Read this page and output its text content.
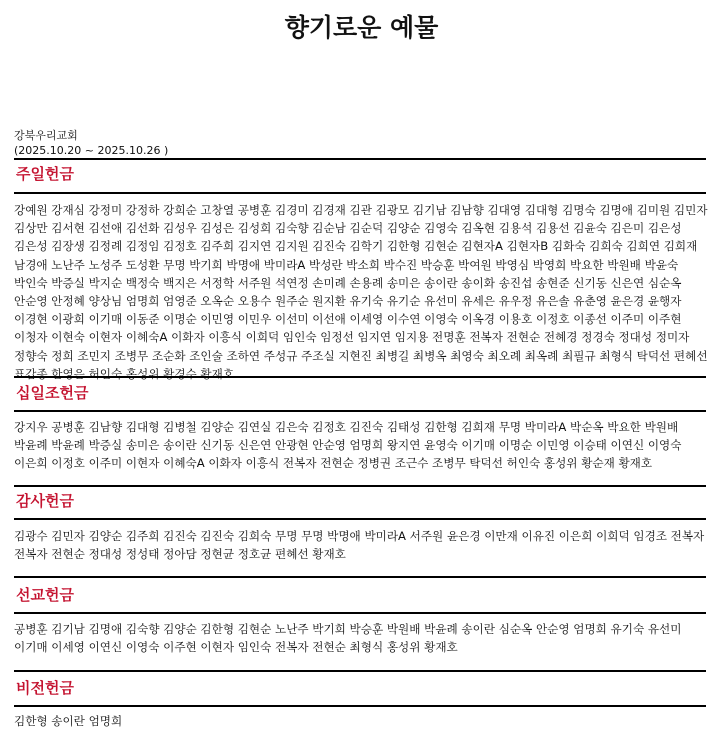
향기로운 예물
강북우리교회
(2025.10.20 ~ 2025.10.26 )
주일헌금
강예원 강재심 강정미 강정하 강희순 고창열 공병훈 김경미 김경재 김관 김광모 김기남 김남향 김대영 김대형 김명숙 김명애 김미원 김민자 김상만 김서현 김선애 김선화 김성우 김성은 김성희 김숙향 김순남 김순덕 김양순 김영숙 김옥현 김용석 김용선 김윤숙 김은미 김은성 김은성 김장생 김정례 김정임 김정호 김주희 김지연 김지원 김진숙 김학기 김한형 김현순 김현자A 김현자B 김화숙 김희숙 김희연 김희재 남경애 노난주 노성주 도성환 무명 박기희 박명애 박미라A 박성란 박소희 박수진 박승훈 박여원 박영심 박영희 박요한 박원배 박윤숙 박인숙 박증실 박지순 백정숙 백지은 서정학 서주원 석연정 손미례 손용례 송미은 송이란 송이화 송진섭 송현준 신기동 신은연 심순옥 안순영 안정혜 양상님 엄명희 엄영준 오옥순 오용수 원주순 원지환 유기숙 유기순 유선미 유세은 유우정 유은솔 유춘영 윤은경 윤행자 이경현 이광희 이기매 이동준 이명순 이민영 이민우 이선미 이선애 이세영 이수연 이영숙 이옥경 이용호 이정호 이종선 이주미 이주현 이청자 이현숙 이현자 이혜숙A 이화자 이흥식 이희덕 임인숙 임정선 임지연 임지용 전명훈 전복자 전현순 전혜경 정경숙 정대성 정미자 정향숙 정희 조민지 조병무 조순화 조인술 조하연 주성규 주조실 지현진 최병길 최병옥 최영숙 최오례 최옥례 최필규 최형식 탁덕선 편혜선 표갑종 한영은 허인숙 홍성위 황경수 황재호
십일조헌금
강지우 공병훈 김남향 김대형 김병철 김양순 김연실 김은숙 김정호 김진숙 김태성 김한형 김희재 무명 박미라A 박순옥 박요한 박원배 박윤례 박윤례 박증실 송미은 송이란 신기동 신은연 안광현 안순영 엄명희 왕지연 윤영숙 이기매 이명순 이민영 이승태 이연신 이영숙 이은희 이정호 이주미 이현자 이혜숙A 이화자 이흥식 전복자 전현순 정병권 조근수 조병무 탁덕선 허인숙 홍성위 황순재 황재호
감사헌금
김광수 김민자 김양순 김주희 김진숙 김진숙 김희숙 무명 무명 박명애 박미라A 서주원 윤은경 이만재 이유진 이은희 이희덕 임경조 전복자 전복자 전현순 정대성 정성태 정아담 정현균 정호균 편혜선 황재호
선교헌금
공병훈 김기남 김명애 김숙향 김양순 김한형 김현순 노난주 박기희 박승훈 박원배 박윤례 송이란 심순옥 안순영 엄명희 유기숙 유선미 이기매 이세영 이연신 이영숙 이주현 이현자 임인숙 전복자 전현순 최형식 홍성위 황재호
비전헌금
김한형 송이란 엄명희
